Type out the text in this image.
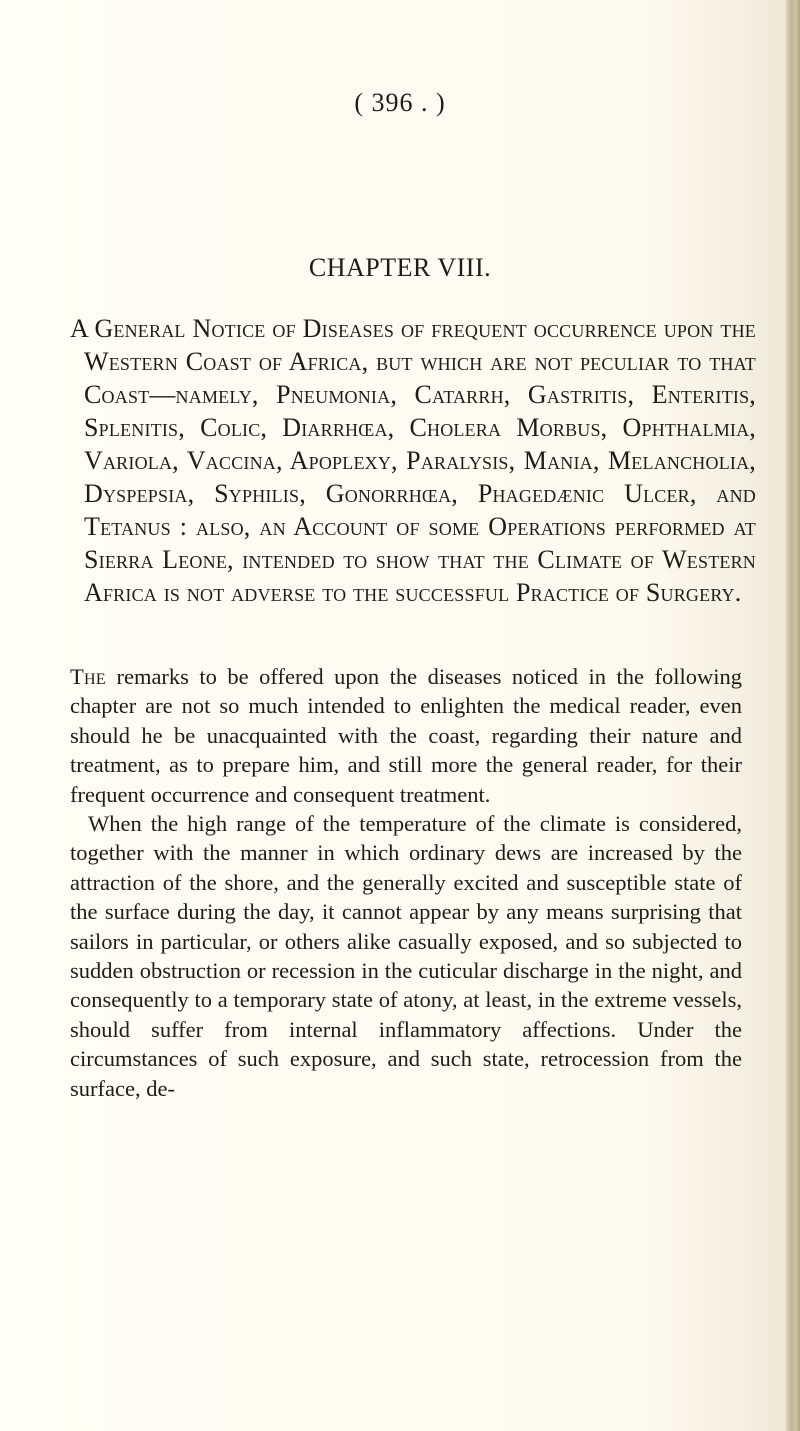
( 396 . )
CHAPTER VIII.

A General Notice of Diseases of frequent occurrence upon the Western Coast of Africa, but which are not peculiar to that Coast—namely, Pneumonia, Catarrh, Gastritis, Enteritis, Splenitis, Colic, Diarrhœa, Cholera Morbus, Ophthalmia, Variola, Vaccina, Apoplexy, Paralysis, Mania, Melancholia, Dyspepsia, Syphilis, Gonorrhœa, Phagedænic Ulcer, and Tetanus : also, an Account of some Operations performed at Sierra Leone, intended to show that the Climate of Western Africa is not adverse to the successful Practice of Surgery.

The remarks to be offered upon the diseases noticed in the following chapter are not so much intended to enlighten the medical reader, even should he be unacquainted with the coast, regarding their nature and treatment, as to prepare him, and still more the general reader, for their frequent occurrence and consequent treatment.

When the high range of the temperature of the climate is considered, together with the manner in which ordinary dews are increased by the attraction of the shore, and the generally excited and susceptible state of the surface during the day, it cannot appear by any means surprising that sailors in particular, or others alike casually exposed, and so subjected to sudden obstruction or recession in the cuticular discharge in the night, and consequently to a temporary state of atony, at least, in the extreme vessels, should suffer from internal inflammatory affections. Under the circumstances of such exposure, and such state, retrocession from the surface, de-
